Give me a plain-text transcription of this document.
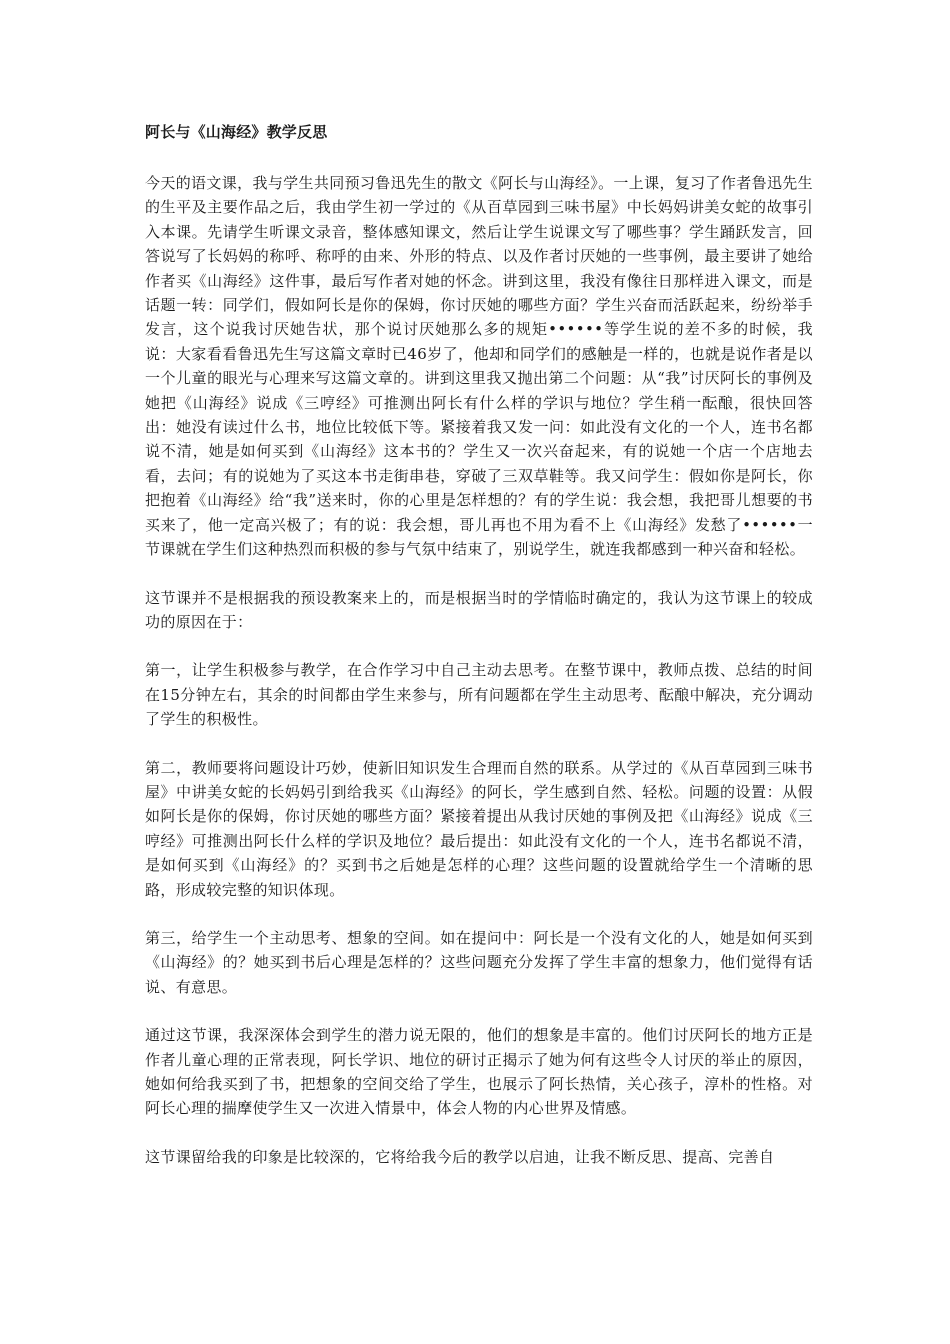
阿长与《山海经》教学反思

今天的语文课，我与学生共同预习鲁迅先生的散文《阿长与山海经》。一上课，复习了作者鲁迅先生的生平及主要作品之后，我由学生初一学过的《从百草园到三味书屋》中长妈妈讲美女蛇的故事引入本课。先请学生听课文录音，整体感知课文，然后让学生说课文写了哪些事？学生踊跃发言，回答说写了长妈妈的称呼、称呼的由来、外形的特点、以及作者讨厌她的一些事例，最主要讲了她给作者买《山海经》这件事，最后写作者对她的怀念。讲到这里，我没有像往日那样进入课文，而是话题一转：同学们，假如阿长是你的保姆，你讨厌她的哪些方面？学生兴奋而活跃起来，纷纷举手发言，这个说我讨厌她告状，那个说讨厌她那么多的规矩••••••等学生说的差不多的时候，我说：大家看看鲁迅先生写这篇文章时已46岁了，他却和同学们的感触是一样的，也就是说作者是以一个儿童的眼光与心理来写这篇文章的。讲到这里我又抛出第二个问题：从“我”讨厌阿长的事例及她把《山海经》说成《三哼经》可推测出阿长有什么样的学识与地位？学生稍一酝酿，很快回答出：她没有读过什么书，地位比较低下等。紧接着我又发一问：如此没有文化的一个人，连书名都说不清，她是如何买到《山海经》这本书的？学生又一次兴奋起来，有的说她一个店一个店地去看，去问；有的说她为了买这本书走街串巷，穿破了三双草鞋等。我又问学生：假如你是阿长，你把抱着《山海经》给“我”送来时，你的心里是怎样想的？有的学生说：我会想，我把哥儿想要的书买来了，他一定高兴极了；有的说：我会想，哥儿再也不用为看不上《山海经》发愁了••••••一节课就在学生们这种热烈而积极的参与气氛中结束了，别说学生，就连我都感到一种兴奋和轻松。

这节课并不是根据我的预设教案来上的，而是根据当时的学情临时确定的，我认为这节课上的较成功的原因在于：

第一，让学生积极参与教学，在合作学习中自己主动去思考。在整节课中，教师点拨、总结的时间在15分钟左右，其余的时间都由学生来参与，所有问题都在学生主动思考、酝酿中解决，充分调动了学生的积极性。

第二，教师要将问题设计巧妙，使新旧知识发生合理而自然的联系。从学过的《从百草园到三味书屋》中讲美女蛇的长妈妈引到给我买《山海经》的阿长，学生感到自然、轻松。问题的设置：从假如阿长是你的保姆，你讨厌她的哪些方面？紧接着提出从我讨厌她的事例及把《山海经》说成《三哼经》可推测出阿长什么样的学识及地位？最后提出：如此没有文化的一个人，连书名都说不清，是如何买到《山海经》的？买到书之后她是怎样的心理？这些问题的设置就给学生一个清晰的思路，形成较完整的知识体现。

第三，给学生一个主动思考、想象的空间。如在提问中：阿长是一个没有文化的人，她是如何买到《山海经》的？她买到书后心理是怎样的？这些问题充分发挥了学生丰富的想象力，他们觉得有话说、有意思。

通过这节课，我深深体会到学生的潜力说无限的，他们的想象是丰富的。他们讨厌阿长的地方正是作者儿童心理的正常表现，阿长学识、地位的研讨正揭示了她为何有这些令人讨厌的举止的原因，她如何给我买到了书，把想象的空间交给了学生，也展示了阿长热情，关心孩子，淳朴的性格。对阿长心理的揣摩使学生又一次进入情景中，体会人物的内心世界及情感。

这节课留给我的印象是比较深的，它将给我今后的教学以启迪，让我不断反思、提高、完善自
